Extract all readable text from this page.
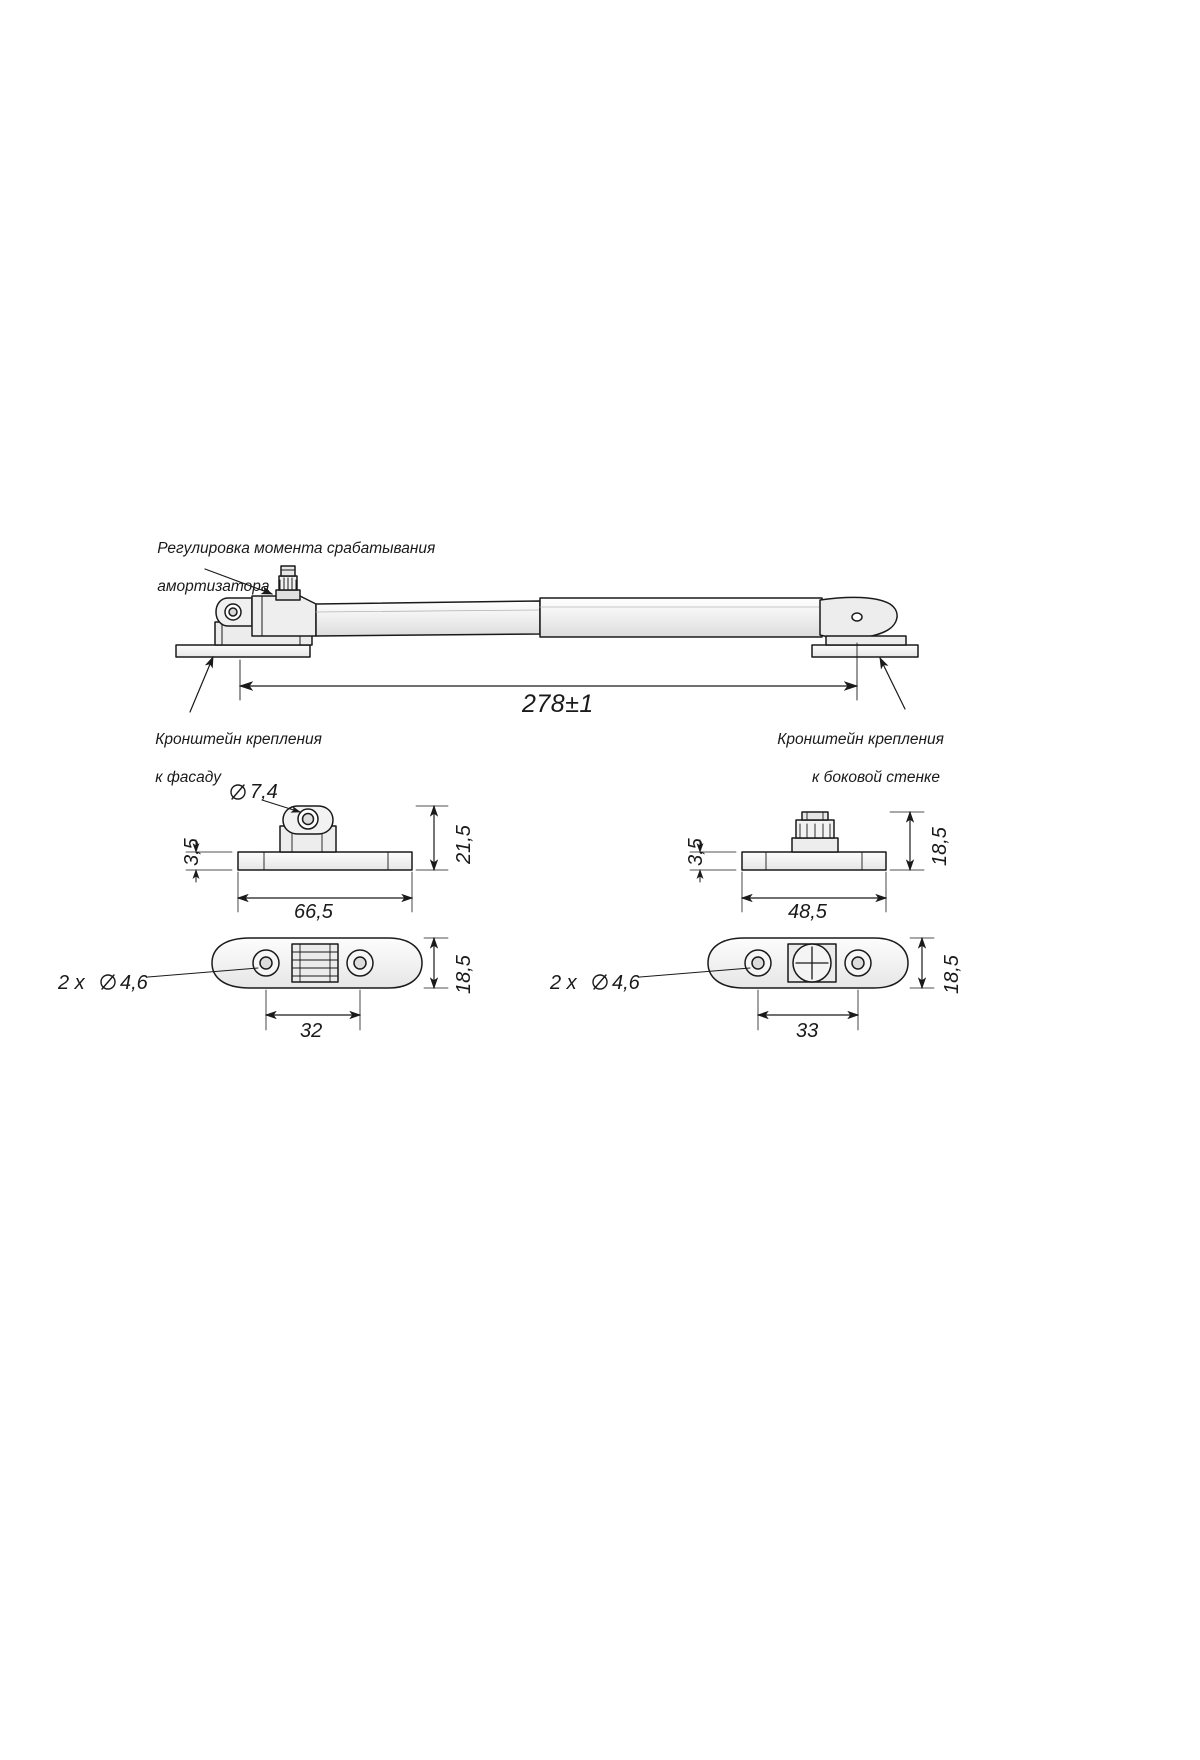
Регулировка момента срабатывания

амортизатора

Кронштейн крепления

к фасаду

Кронштейн крепления

к боковой стенке

278±1
7,4
3,5	21,5
66,5
18,5
32
2 x 4,6
3,5	18,5
48,5
18,5
33
2 x 4,6
